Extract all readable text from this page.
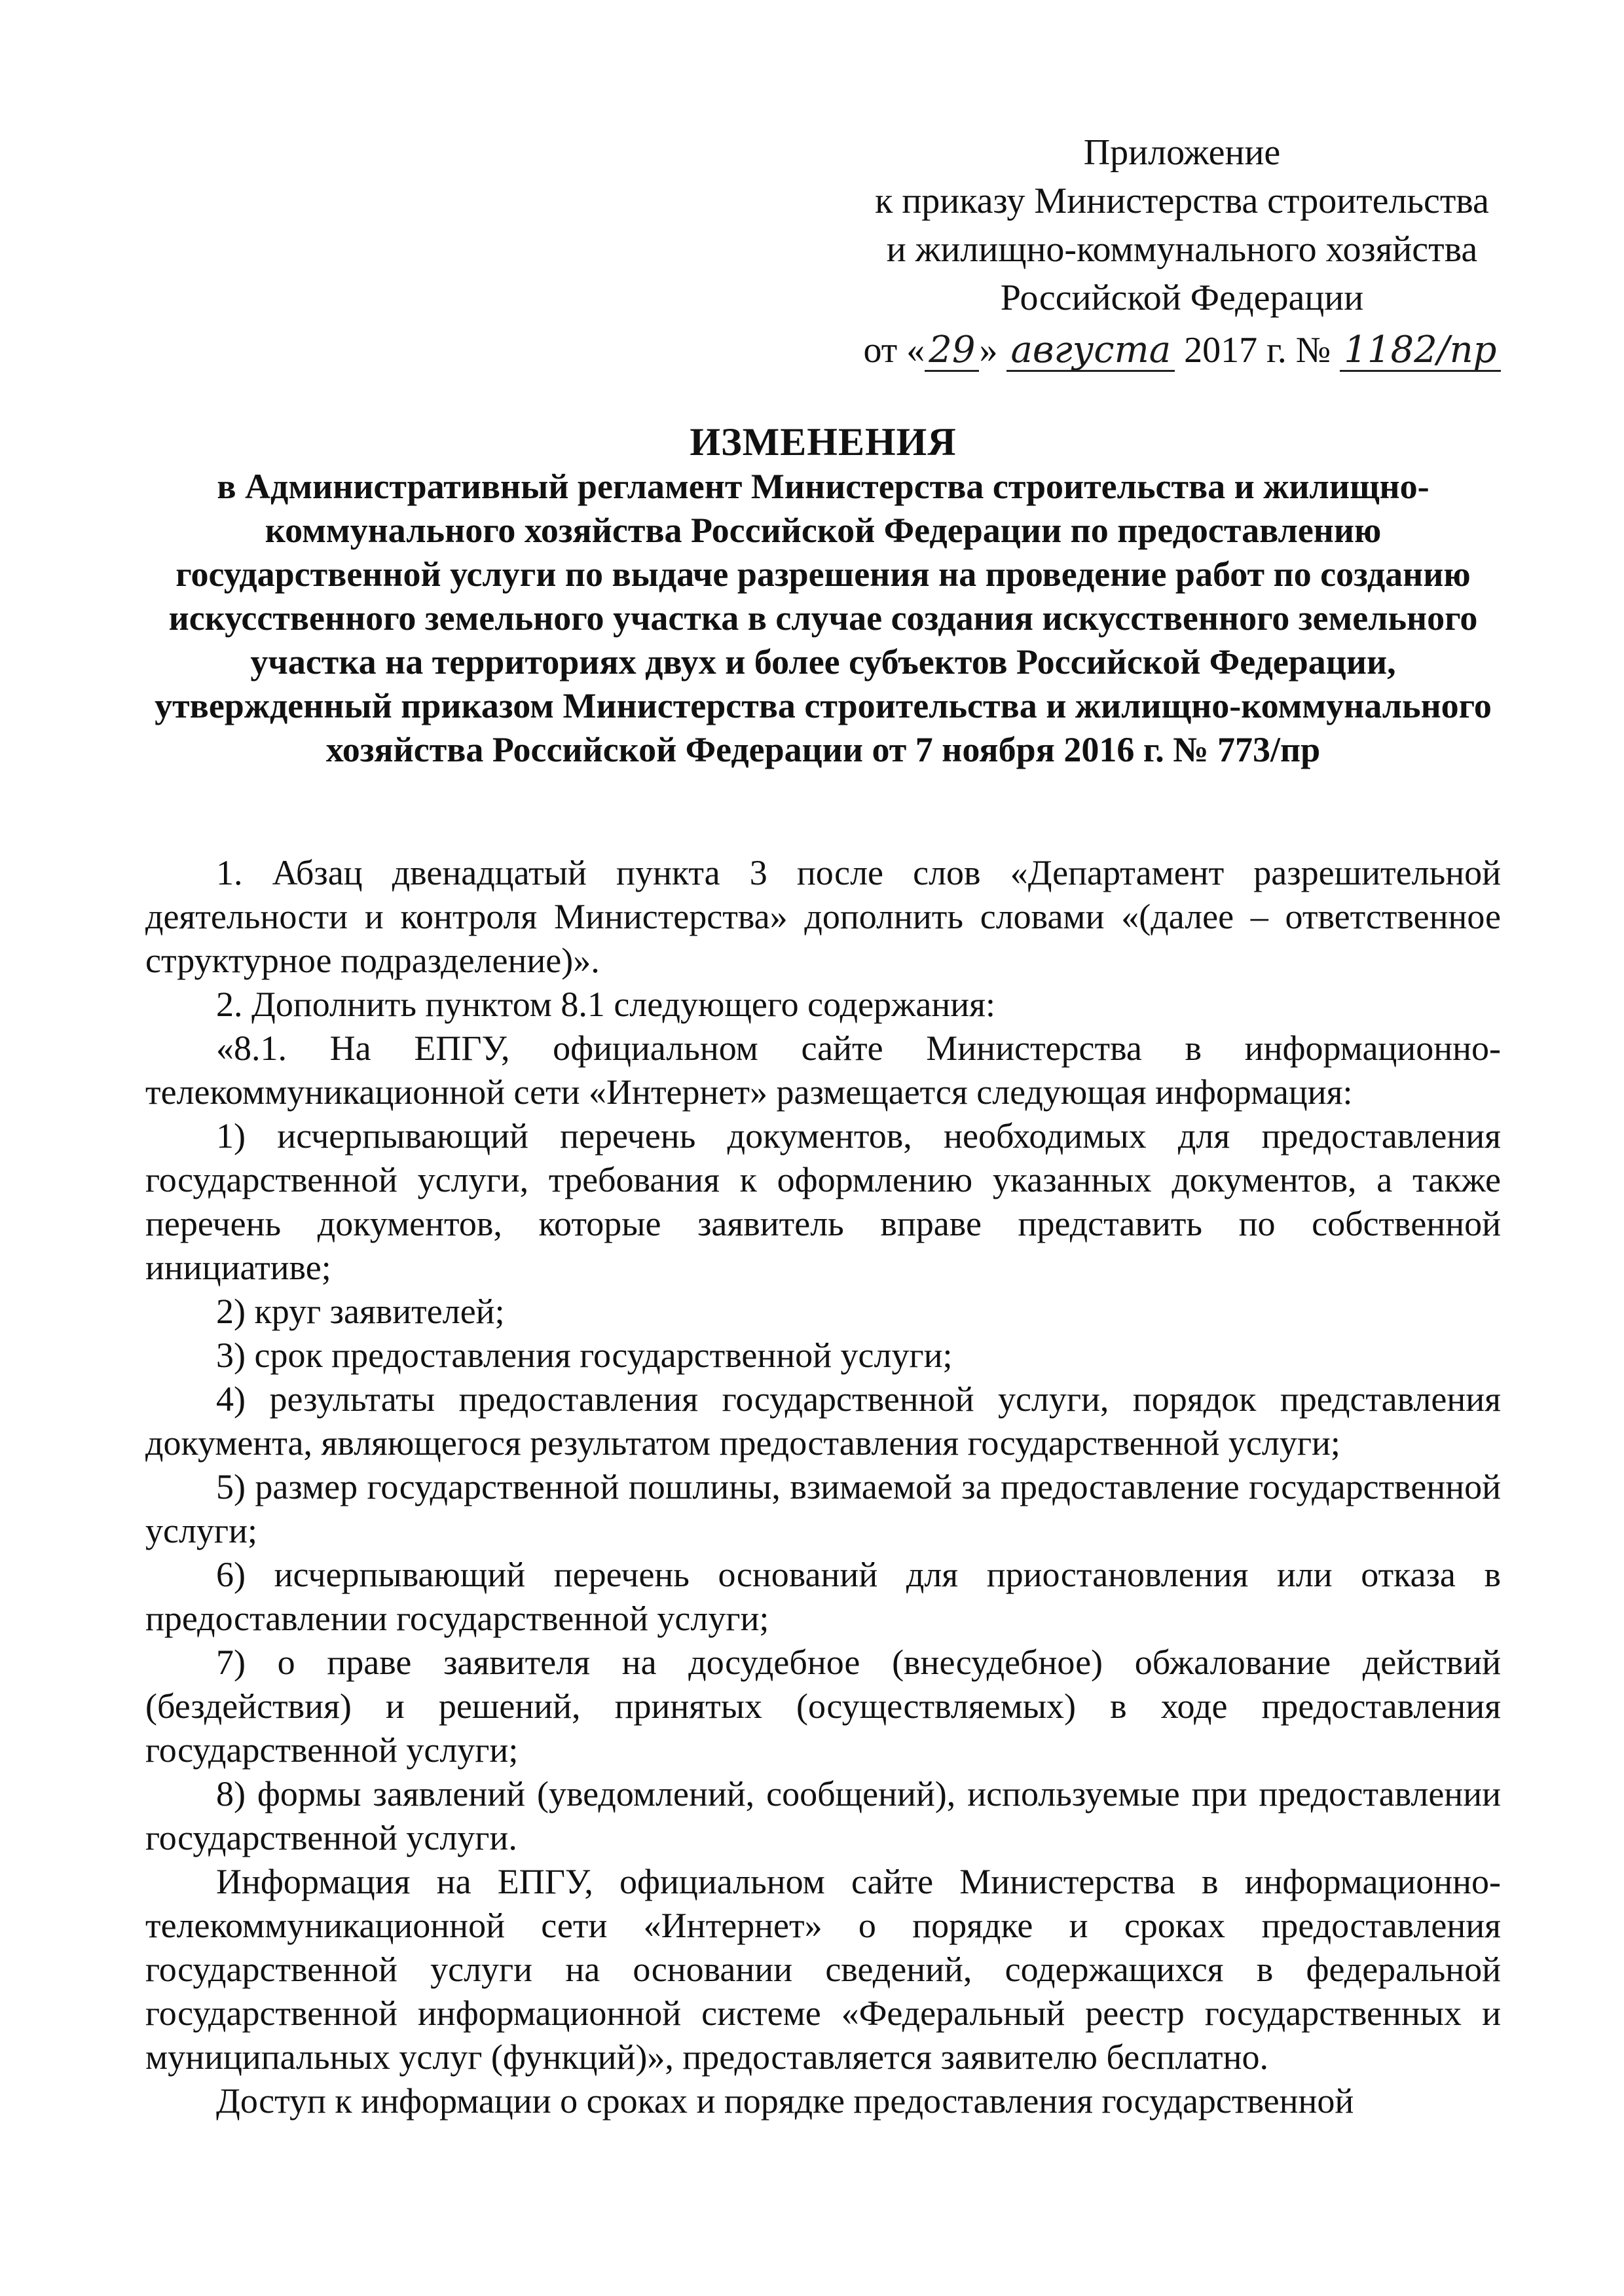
Приложение
к приказу Министерства строительства
и жилищно-коммунального хозяйства
Российской Федерации
от « 29 » августа 2017 г. № 1182/пр
ИЗМЕНЕНИЯ
в Административный регламент Министерства строительства и жилищно-коммунального хозяйства Российской Федерации по предоставлению государственной услуги по выдаче разрешения на проведение работ по созданию искусственного земельного участка в случае создания искусственного земельного участка на территориях двух и более субъектов Российской Федерации, утвержденный приказом Министерства строительства и жилищно-коммунального хозяйства Российской Федерации от 7 ноября 2016 г. № 773/пр

1. Абзац двенадцатый пункта 3 после слов «Департамент разрешительной деятельности и контроля Министерства» дополнить словами «(далее – ответственное структурное подразделение)».

2. Дополнить пунктом 8.1 следующего содержания:

«8.1. На ЕПГУ, официальном сайте Министерства в информационно-телекоммуникационной сети «Интернет» размещается следующая информация:

1) исчерпывающий перечень документов, необходимых для предоставления государственной услуги, требования к оформлению указанных документов, а также перечень документов, которые заявитель вправе представить по собственной инициативе;

2) круг заявителей;

3) срок предоставления государственной услуги;

4) результаты предоставления государственной услуги, порядок представления документа, являющегося результатом предоставления государственной услуги;

5) размер государственной пошлины, взимаемой за предоставление государственной услуги;

6) исчерпывающий перечень оснований для приостановления или отказа в предоставлении государственной услуги;

7) о праве заявителя на досудебное (внесудебное) обжалование действий (бездействия) и решений, принятых (осуществляемых) в ходе предоставления государственной услуги;

8) формы заявлений (уведомлений, сообщений), используемые при предоставлении государственной услуги.

Информация на ЕПГУ, официальном сайте Министерства в информационно-телекоммуникационной сети «Интернет» о порядке и сроках предоставления государственной услуги на основании сведений, содержащихся в федеральной государственной информационной системе «Федеральный реестр государственных и муниципальных услуг (функций)», предоставляется заявителю бесплатно.

Доступ к информации о сроках и порядке предоставления государственной
